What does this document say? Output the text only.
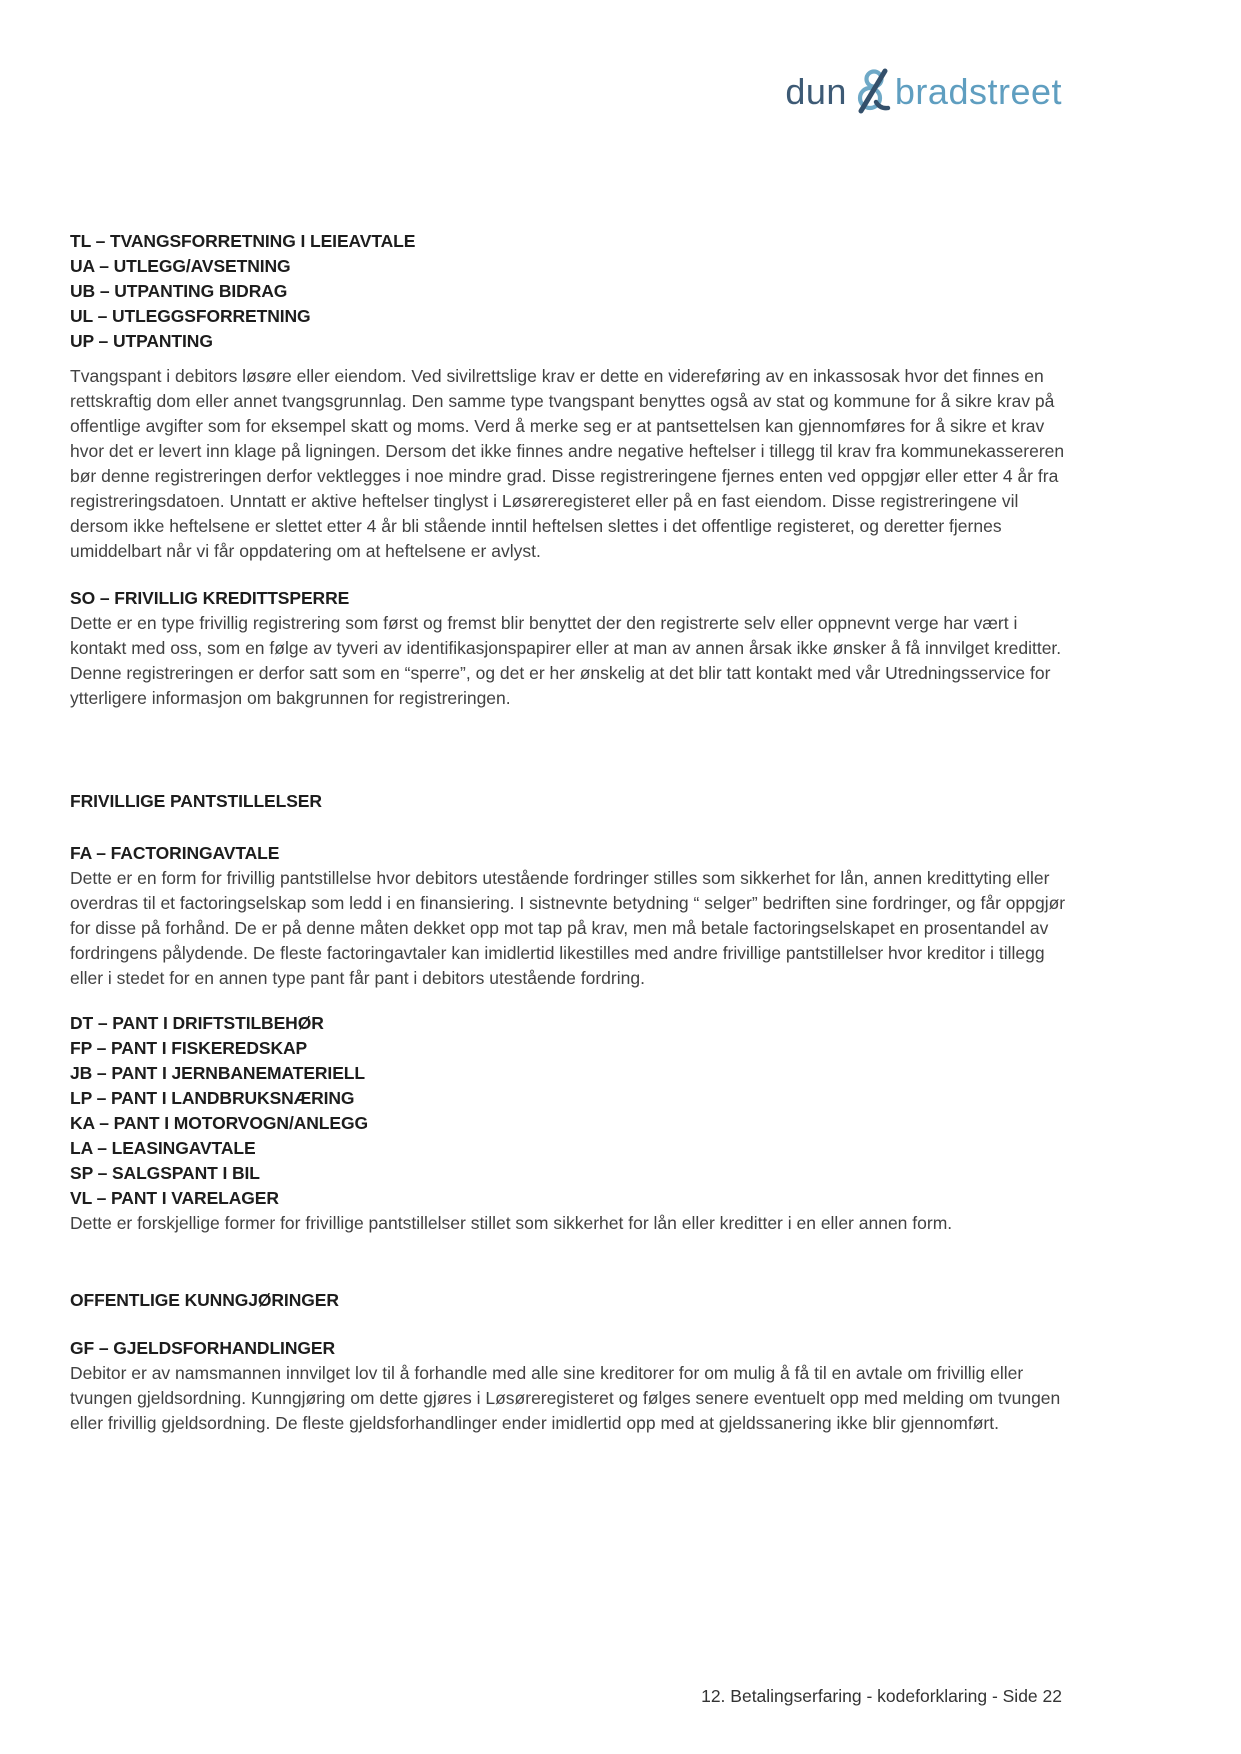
dun bradstreet
TL – TVANGSFORRETNING I LEIEAVTALE
UA – UTLEGG/AVSETNING
UB – UTPANTING BIDRAG
UL – UTLEGGSFORRETNING
UP – UTPANTING

Tvangspant i debitors løsøre eller eiendom. Ved sivilrettslige krav er dette en videreføring av en inkassosak hvor det finnes en rettskraftig dom eller annet tvangsgrunnlag. Den samme type tvangspant benyttes også av stat og kommune for å sikre krav på offentlige avgifter som for eksempel skatt og moms. Verd å merke seg er at pantsettelsen kan gjennomføres for å sikre et krav hvor det er levert inn klage på ligningen. Dersom det ikke finnes andre negative heftelser i tillegg til krav fra kommunekassereren bør denne registreringen derfor vektlegges i noe mindre grad. Disse registreringene fjernes enten ved oppgjør eller etter 4 år fra registreringsdatoen. Unntatt er aktive heftelser tinglyst i Løsøreregisteret eller på en fast eiendom. Disse registreringene vil dersom ikke heftelsene er slettet etter 4 år bli stående inntil heftelsen slettes i det offentlige registeret, og deretter fjernes umiddelbart når vi får oppdatering om at heftelsene er avlyst.

SO – FRIVILLIG KREDITTSPERRE

Dette er en type frivillig registrering som først og fremst blir benyttet der den registrerte selv eller oppnevnt verge har vært i kontakt med oss, som en følge av tyveri av identifikasjonspapirer eller at man av annen årsak ikke ønsker å få innvilget kreditter. Denne registreringen er derfor satt som en “sperre”, og det er her ønskelig at det blir tatt kontakt med vår Utredningsservice for ytterligere informasjon om bakgrunnen for registreringen.

FRIVILLIGE PANTSTILLELSER
FA – FACTORINGAVTALE

Dette er en form for frivillig pantstillelse hvor debitors utestående fordringer stilles som sikkerhet for lån, annen kredittyting eller overdras til et factoringselskap som ledd i en finansiering. I sistnevnte betydning “ selger” bedriften sine fordringer, og får oppgjør for disse på forhånd. De er på denne måten dekket opp mot tap på krav, men må betale factoringselskapet en prosentandel av fordringens pålydende. De fleste factoringavtaler kan imidlertid likestilles med andre frivillige pantstillelser hvor kreditor i tillegg eller i stedet for en annen type pant får pant i debitors utestående fordring.

DT – PANT I DRIFTSTILBEHØR
FP – PANT I FISKEREDSKAP
JB – PANT I JERNBANEMATERIELL
LP – PANT I LANDBRUKSNÆRING
KA – PANT I MOTORVOGN/ANLEGG
LA – LEASINGAVTALE
SP – SALGSPANT I BIL
VL – PANT I VARELAGER

Dette er forskjellige former for frivillige pantstillelser stillet som sikkerhet for lån eller kreditter i en eller annen form.

OFFENTLIGE KUNNGJØRINGER
GF – GJELDSFORHANDLINGER

Debitor er av namsmannen innvilget lov til å forhandle med alle sine kreditorer for om mulig å få til en avtale om frivillig eller tvungen gjeldsordning. Kunngjøring om dette gjøres i Løsøreregisteret og følges senere eventuelt opp med melding om tvungen eller frivillig gjeldsordning. De fleste gjeldsforhandlinger ender imidlertid opp med at gjeldssanering ikke blir gjennomført.

12. Betalingserfaring - kodeforklaring - Side 22
